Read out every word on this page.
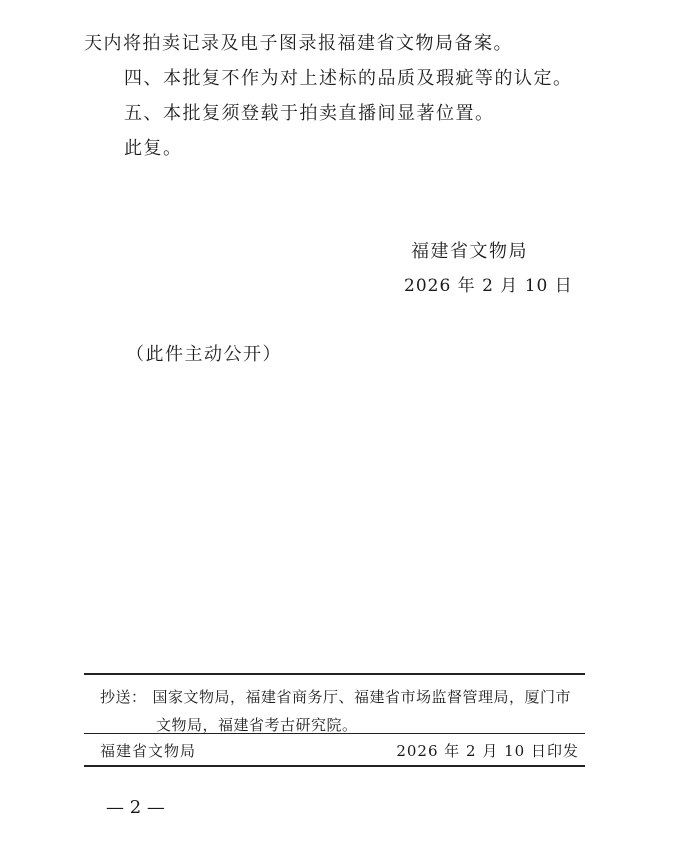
天内将拍卖记录及电子图录报福建省文物局备案。
四、本批复不作为对上述标的品质及瑕疵等的认定。
五、本批复须登载于拍卖直播间显著位置。
此复。
福建省文物局
2026 年 2 月 10 日
（此件主动公开）
抄送： 国家文物局，福建省商务厅、福建省市场监督管理局，厦门市
文物局，福建省考古研究院。
福建省文物局	2026 年 2 月 10 日印发
— 2 —
